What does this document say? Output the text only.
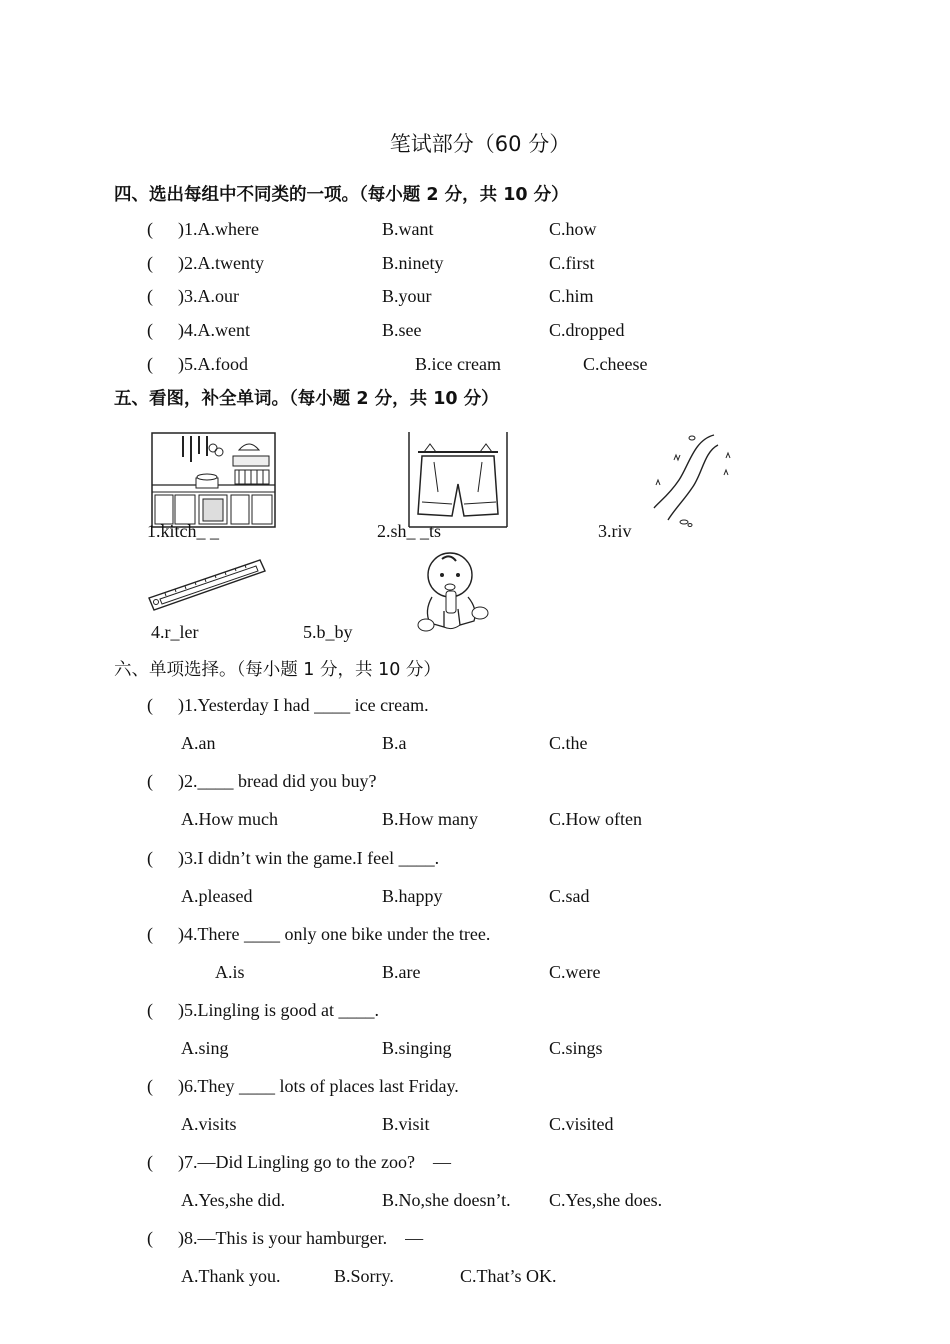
笔试部分（60 分）
四、选出每组中不同类的一项。（每小题 2 分，共 10 分）
( )1.A.where	B.want	C.how
( )2.A.twenty	B.ninety	C.first
( )3.A.our	B.your	C.him
( )4.A.went	B.see	C.dropped
( )5.A.food	B.ice cream	C.cheese
五、看图，补全单词。（每小题 2 分，共 10 分）
1.kitch_ _	2.sh_ _ts	3.riv
4.r_ler	5.b_by
六、单项选择。（每小题 1 分，共 10 分）
( )1.Yesterday I had ____ ice cream.
A.an	B.a	C.the
( )2.____ bread did you buy?
A.How much	B.How many	C.How often
( )3.I didn’t win the game.I feel ____.
A.pleased	B.happy	C.sad
( )4.There ____ only one bike under the tree.
A.is	B.are	C.were
( )5.Lingling is good at ____.
A.sing	B.singing	C.sings
( )6.They ____ lots of places last Friday.
A.visits	B.visit	C.visited
( )7.—Did Lingling go to the zoo?　—
A.Yes,she did.	B.No,she doesn’t. C.Yes,she does.
( )8.—This is your hamburger.　—
A.Thank you.	B.Sorry.	C.That’s OK.
